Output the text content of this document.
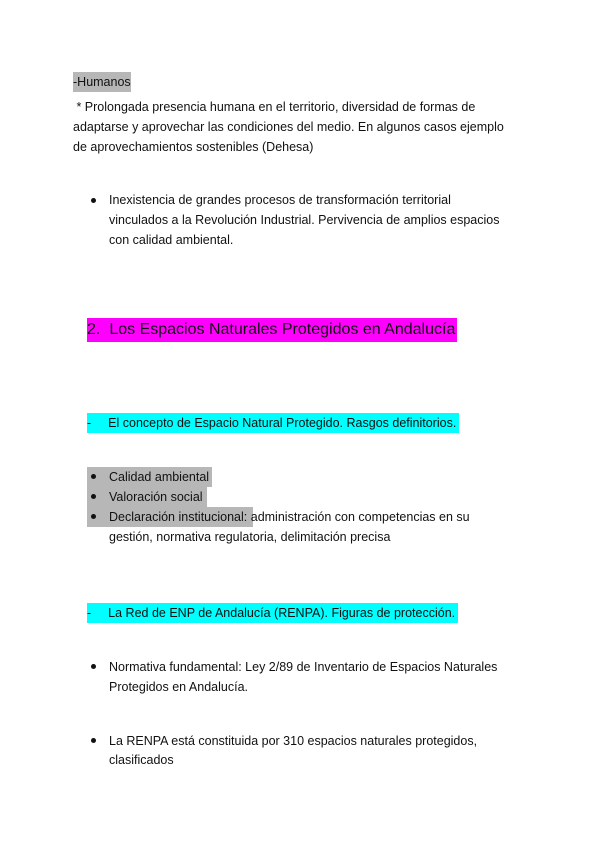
-Humanos
* Prolongada presencia humana en el territorio, diversidad de formas de
adaptarse y aprovechar las condiciones del medio. En algunos casos ejemplo
de aprovechamientos sostenibles (Dehesa)
Inexistencia de grandes procesos de transformación territorial
vinculados a la Revolución Industrial. Pervivencia de amplios espacios
con calidad ambiental.
2. Los Espacios Naturales Protegidos en Andalucía
- El concepto de Espacio Natural Protegido. Rasgos definitorios.
Calidad ambiental
Valoración social
Declaración institucional: administración con competencias en su
gestión, normativa regulatoria, delimitación precisa
- La Red de ENP de Andalucía (RENPA). Figuras de protección.
Normativa fundamental: Ley 2/89 de Inventario de Espacios Naturales
Protegidos en Andalucía.
La RENPA está constituida por 310 espacios naturales protegidos,
clasificados
